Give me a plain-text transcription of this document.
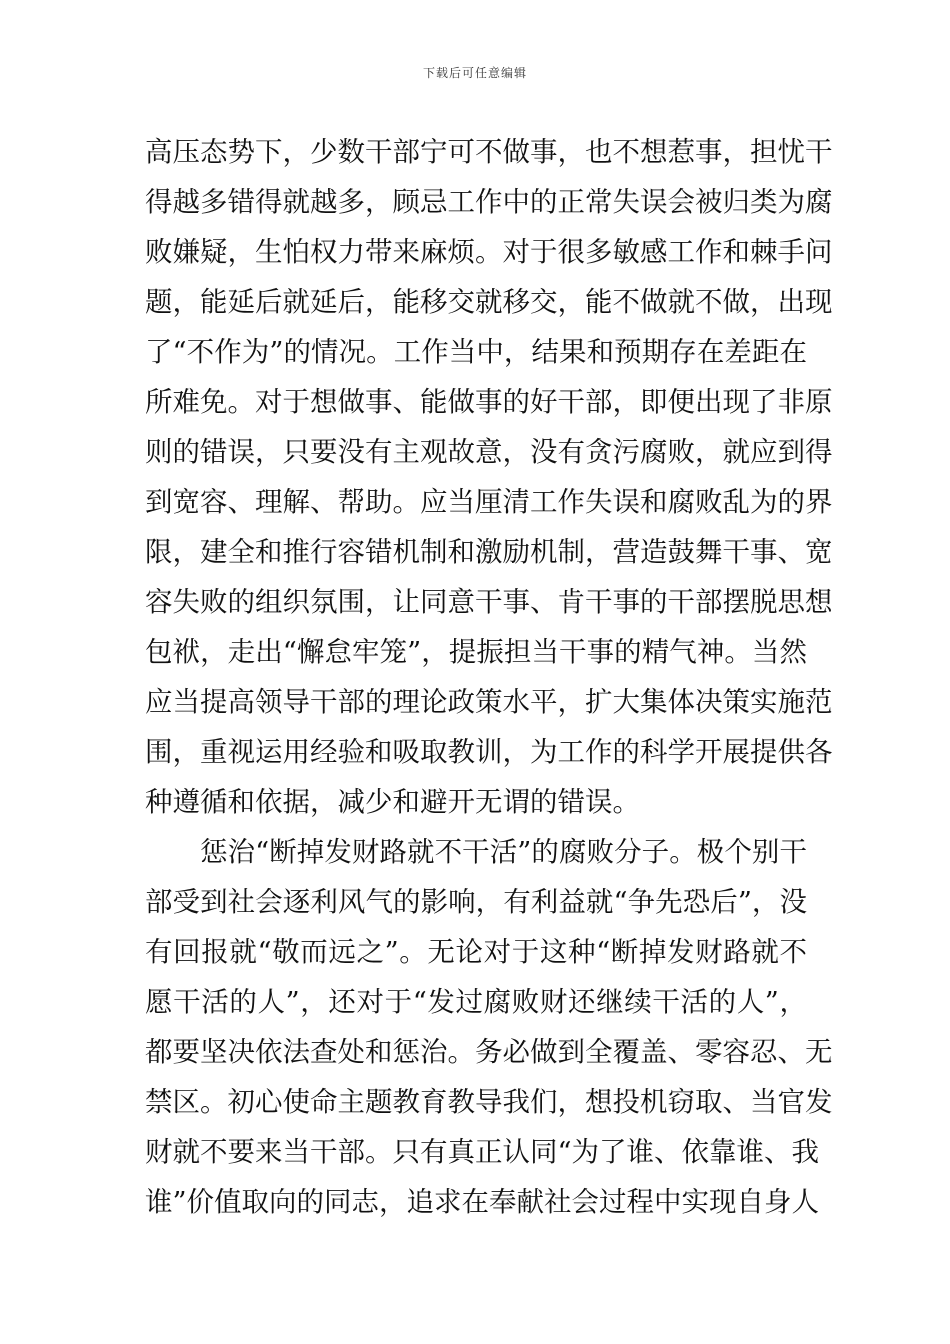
下载后可任意编辑
高压态势下，少数干部宁可不做事，也不想惹事，担忧干
得越多错得就越多，顾忌工作中的正常失误会被归类为腐
败嫌疑，生怕权力带来麻烦。对于很多敏感工作和棘手问
题，能延后就延后，能移交就移交，能不做就不做，出现
了“不作为”的情况。工作当中，结果和预期存在差距在
所难免。对于想做事、能做事的好干部，即便出现了非原
则的错误，只要没有主观故意，没有贪污腐败，就应到得
到宽容、理解、帮助。应当厘清工作失误和腐败乱为的界
限，建全和推行容错机制和激励机制，营造鼓舞干事、宽
容失败的组织氛围，让同意干事、肯干事的干部摆脱思想
包袱，走出“懈怠牢笼”，提振担当干事的精气神。当然
应当提高领导干部的理论政策水平，扩大集体决策实施范
围，重视运用经验和吸取教训，为工作的科学开展提供各
种遵循和依据，减少和避开无谓的错误。
惩治“断掉发财路就不干活”的腐败分子。极个别干
部受到社会逐利风气的影响，有利益就“争先恐后”，没
有回报就“敬而远之”。无论对于这种“断掉发财路就不
愿干活的人”，还对于“发过腐败财还继续干活的人”，
都要坚决依法查处和惩治。务必做到全覆盖、零容忍、无
禁区。初心使命主题教育教导我们，想投机窃取、当官发
财就不要来当干部。只有真正认同“为了谁、依靠谁、我
谁”价值取向的同志，追求在奉献社会过程中实现自身人
